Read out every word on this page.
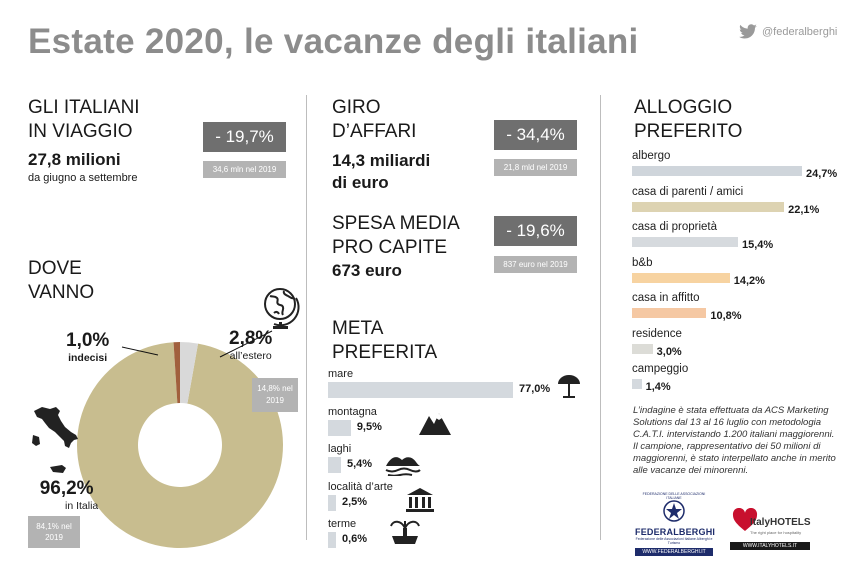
Estate 2020, le vacanze degli italiani	@federalberghi
GLI ITALIANI
IN VIAGGIO
27,8 milioni
da giugno a settembre
- 19,7%
34,6 mln nel 2019
GIRO
D’AFFARI
14,3 miliardi
di euro
- 34,4%
21,8 mld nel 2019
SPESA MEDIA
PRO CAPITE
673 euro
- 19,6%
837 euro nel 2019
DOVE
VANNO
1,0%
indecisi
2,8%
all’estero
14,8% nel 2019
96,2%
in Italia
84,1% nel 2019
META
PREFERITA
mare
77,0%
montagna
9,5%
laghi
5,4%
località d’arte
2,5%
terme
0,6%
ALLOGGIO
PREFERITO
albergo
24,7%
casa di parenti / amici
22,1%
casa di proprietà
15,4%
b&b
14,2%
casa in affitto
10,8%
residence
3,0%
campeggio
1,4%
L’indagine è stata effettuata da ACS Marketing Solutions dal 13 al 16 luglio con metodologia C.A.T.I. intervistando 1.200 italiani maggiorenni. Il campione, rappresentativo dei 50 milioni di maggiorenni, è stato interpellato anche in merito alle vacanze dei minorenni.
FEDERAZIONE DELLE ASSOCIAZIONI ITALIANE
FEDERALBERGHI
Federazione delle Associazioni Italiane Alberghi e Turismo
WWW.FEDERALBERGHI.IT
ItalyHOTELS
The right place for hospitality
WWW.ITALYHOTELS.IT
